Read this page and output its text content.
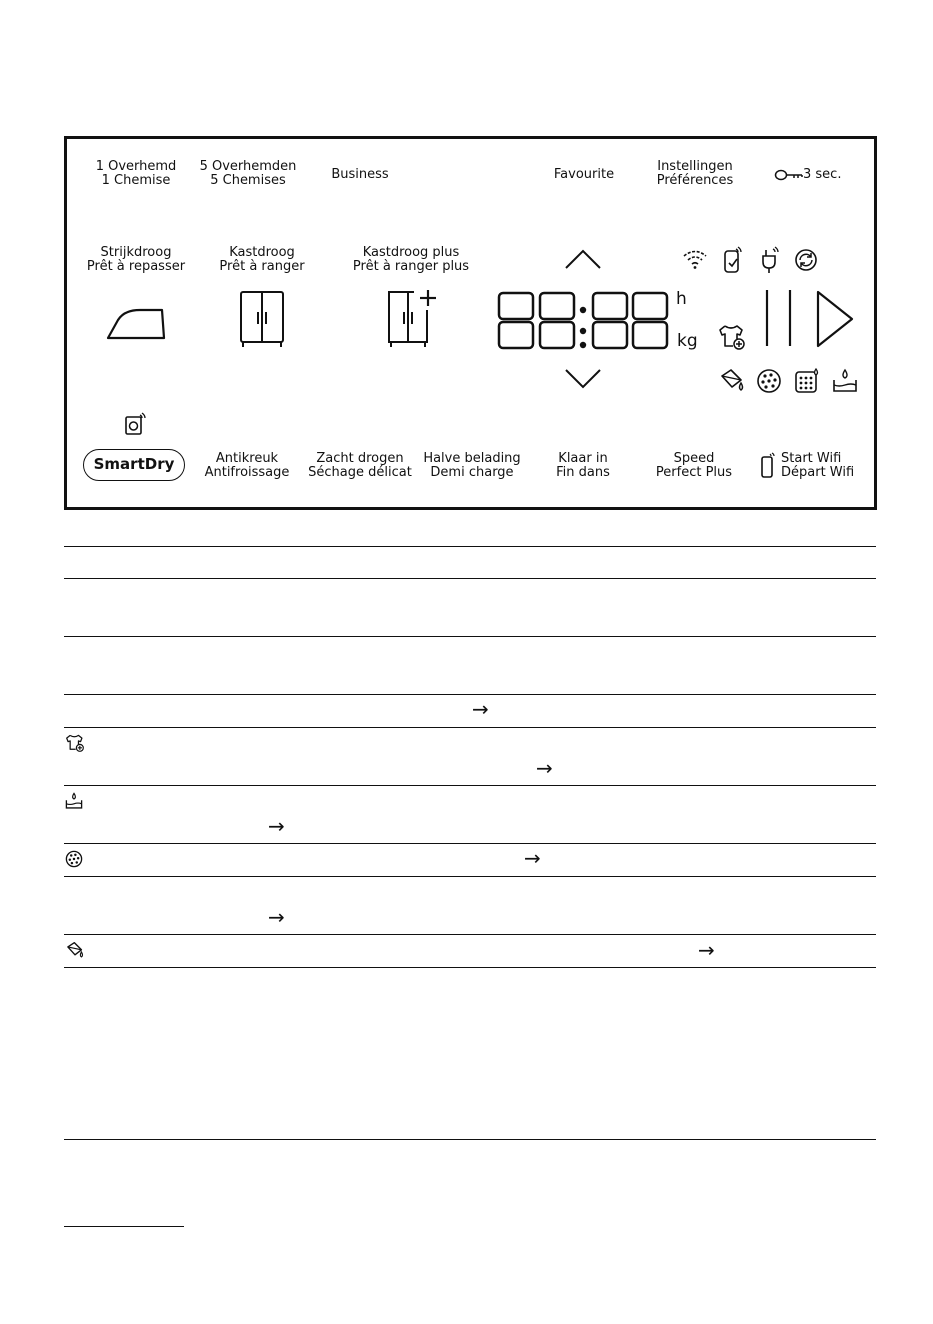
1 Overhemd
1 Chemise
5 Overhemden
5 Chemises	Business	Favourite
Instellingen
Préférences	3 sec.
Strijkdroog
Prêt à repasser
Kastdroog
Prêt à ranger
Kastdroog plus
Prêt à ranger plus
h
kg
SmartDry	Antikreuk
Antifroissage
Zacht drogen
Séchage délicat
Halve belading
Demi charge
Klaar in
Fin dans
Speed
Perfect Plus
Start Wifi
Départ Wifi
→
→
→
→
→
→
